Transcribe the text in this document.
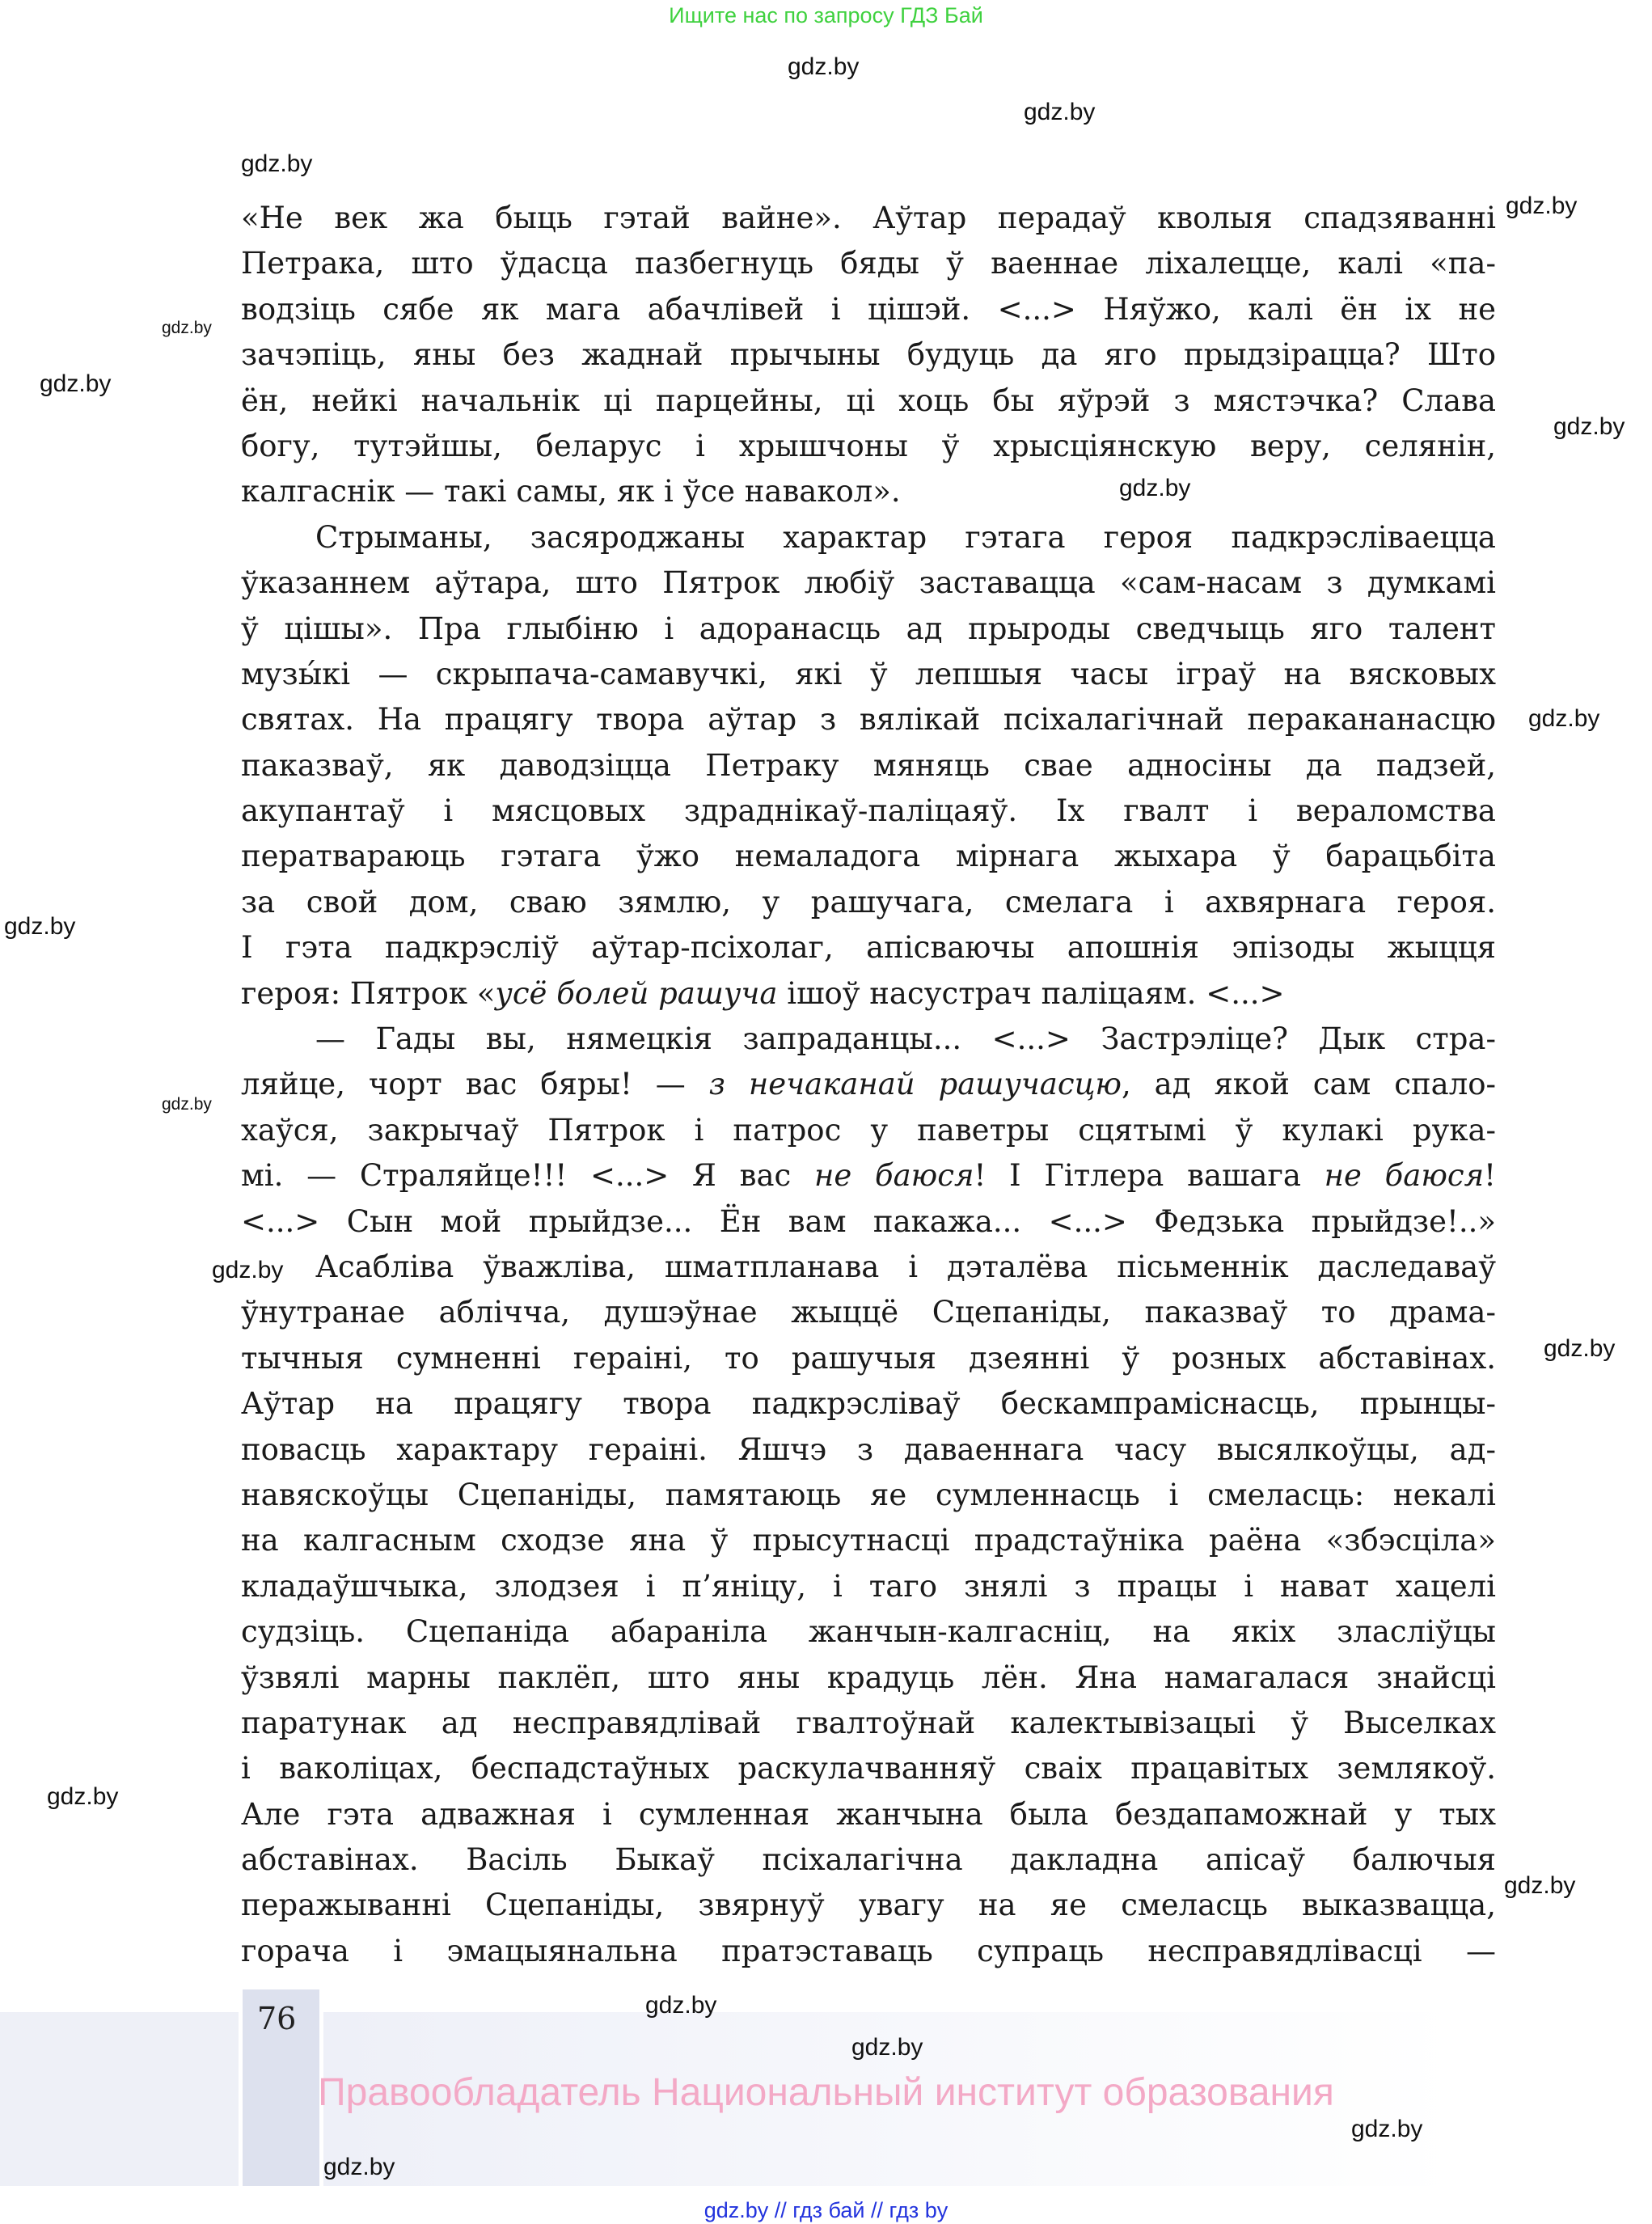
Ищите нас по запросу ГДЗ Бай
76
«Не век жа быць гэтай вайне». Аўтар перадаў кволыя спадзяванні
Петрака, што ўдасца пазбегнуць бяды ў ваеннае ліхалецце, калі «па-
водзіць сябе як мага абачлівей і цішэй. <...> Няўжо, калі ён іх не
зачэпіць, яны без жаднай прычыны будуць да яго прыдзірацца? Што
ён, нейкі начальнік ці парцейны, ці хоць бы яўрэй з мястэчка? Слава
богу, тутэйшы, беларус і хрышчоны ў хрысціянскую веру, селянін,
калгаснік — такі самы, як і ўсе навакол».
Стрыманы, засяроджаны характар гэтага героя падкрэсліваецца
ўказаннем аўтара, што Пятрок любіў заставацца «сам-насам з думкамі
ў цішы». Пра глыбіню і адоранасць ад прыроды сведчыць яго талент
музы́кі — скрыпача-самавучкі, які ў лепшыя часы іграў на вясковых
святах. На працягу твора аўтар з вялікай псіхалагічнай перакананасцю
паказваў, як даводзіцца Петраку мяняць свае адносіны да падзей,
акупантаў і мясцовых здраднікаў-паліцаяў. Іх гвалт і вераломства
ператвараюць гэтага ўжо немаладога мірнага жыхара ў барацьбіта
за свой дом, сваю зямлю, у рашучага, смелага і ахвярнага героя.
І гэта падкрэсліў аўтар-псіхолаг, апісваючы апошнія эпізоды жыцця
героя: Пятрок «усё болей рашуча ішоў насустрач паліцаям. <...>
— Гады вы, нямецкія запраданцы... <...> Застрэліце? Дык стра-
ляйце, чорт вас бяры! — з нечаканай рашучасцю, ад якой сам спало-
хаўся, закрычаў Пятрок і патрос у паветры сцятымі ў кулакі рука-
мі. — Страляйце!!! <...> Я вас не баюся! І Гітлера вашага не баюся!
<...> Сын мой прыйдзе... Ён вам пакажа... <...> Федзька прыйдзе!..»
Асабліва ўважліва, шматпланава і дэталёва пісьменнік даследаваў
ўнутранае аблічча, душэўнае жыццё Сцепаніды, паказваў то драма-
тычныя сумненні гераіні, то рашучыя дзеянні ў розных абставінах.
Аўтар на працягу твора падкрэсліваў бескампраміснасць, прынцы-
повасць характару гераіні. Яшчэ з даваеннага часу высялкоўцы, ад-
навяскоўцы Сцепаніды, памятаюць яе сумленнасць і смеласць: некалі
на калгасным сходзе яна ў прысутнасці прадстаўніка раёна «збэсціла»
кладаўшчыка, злодзея і п’яніцу, і таго знялі з працы і нават хацелі
судзіць. Сцепаніда абараніла жанчын-калгасніц, на якіх зласліўцы
ўзвялі марны паклёп, што яны крадуць лён. Яна намагалася знайсці
паратунак ад несправядлівай гвалтоўнай калектывізацыі ў Выселках
і ваколіцах, беспадстаўных раскулачванняў сваіх працавітых землякоў.
Але гэта адважная і сумленная жанчына была бездапаможнай у тых
абставінах. Васіль Быкаў псіхалагічна дакладна апісаў балючыя
перажыванні Сцепаніды, звярнуў увагу на яе смеласць выказвацца,
горача і эмацыянальна пратэставаць супраць несправядлівасці —
gdz.by
gdz.by
gdz.by
gdz.by
gdz.by
gdz.by
gdz.by
gdz.by
gdz.by
gdz.by
gdz.by
gdz.by
gdz.by
gdz.by
gdz.by
gdz.by
gdz.by
gdz.by
gdz.by
Правообладатель Национальный институт образования
gdz.by // гдз бай // гдз by
